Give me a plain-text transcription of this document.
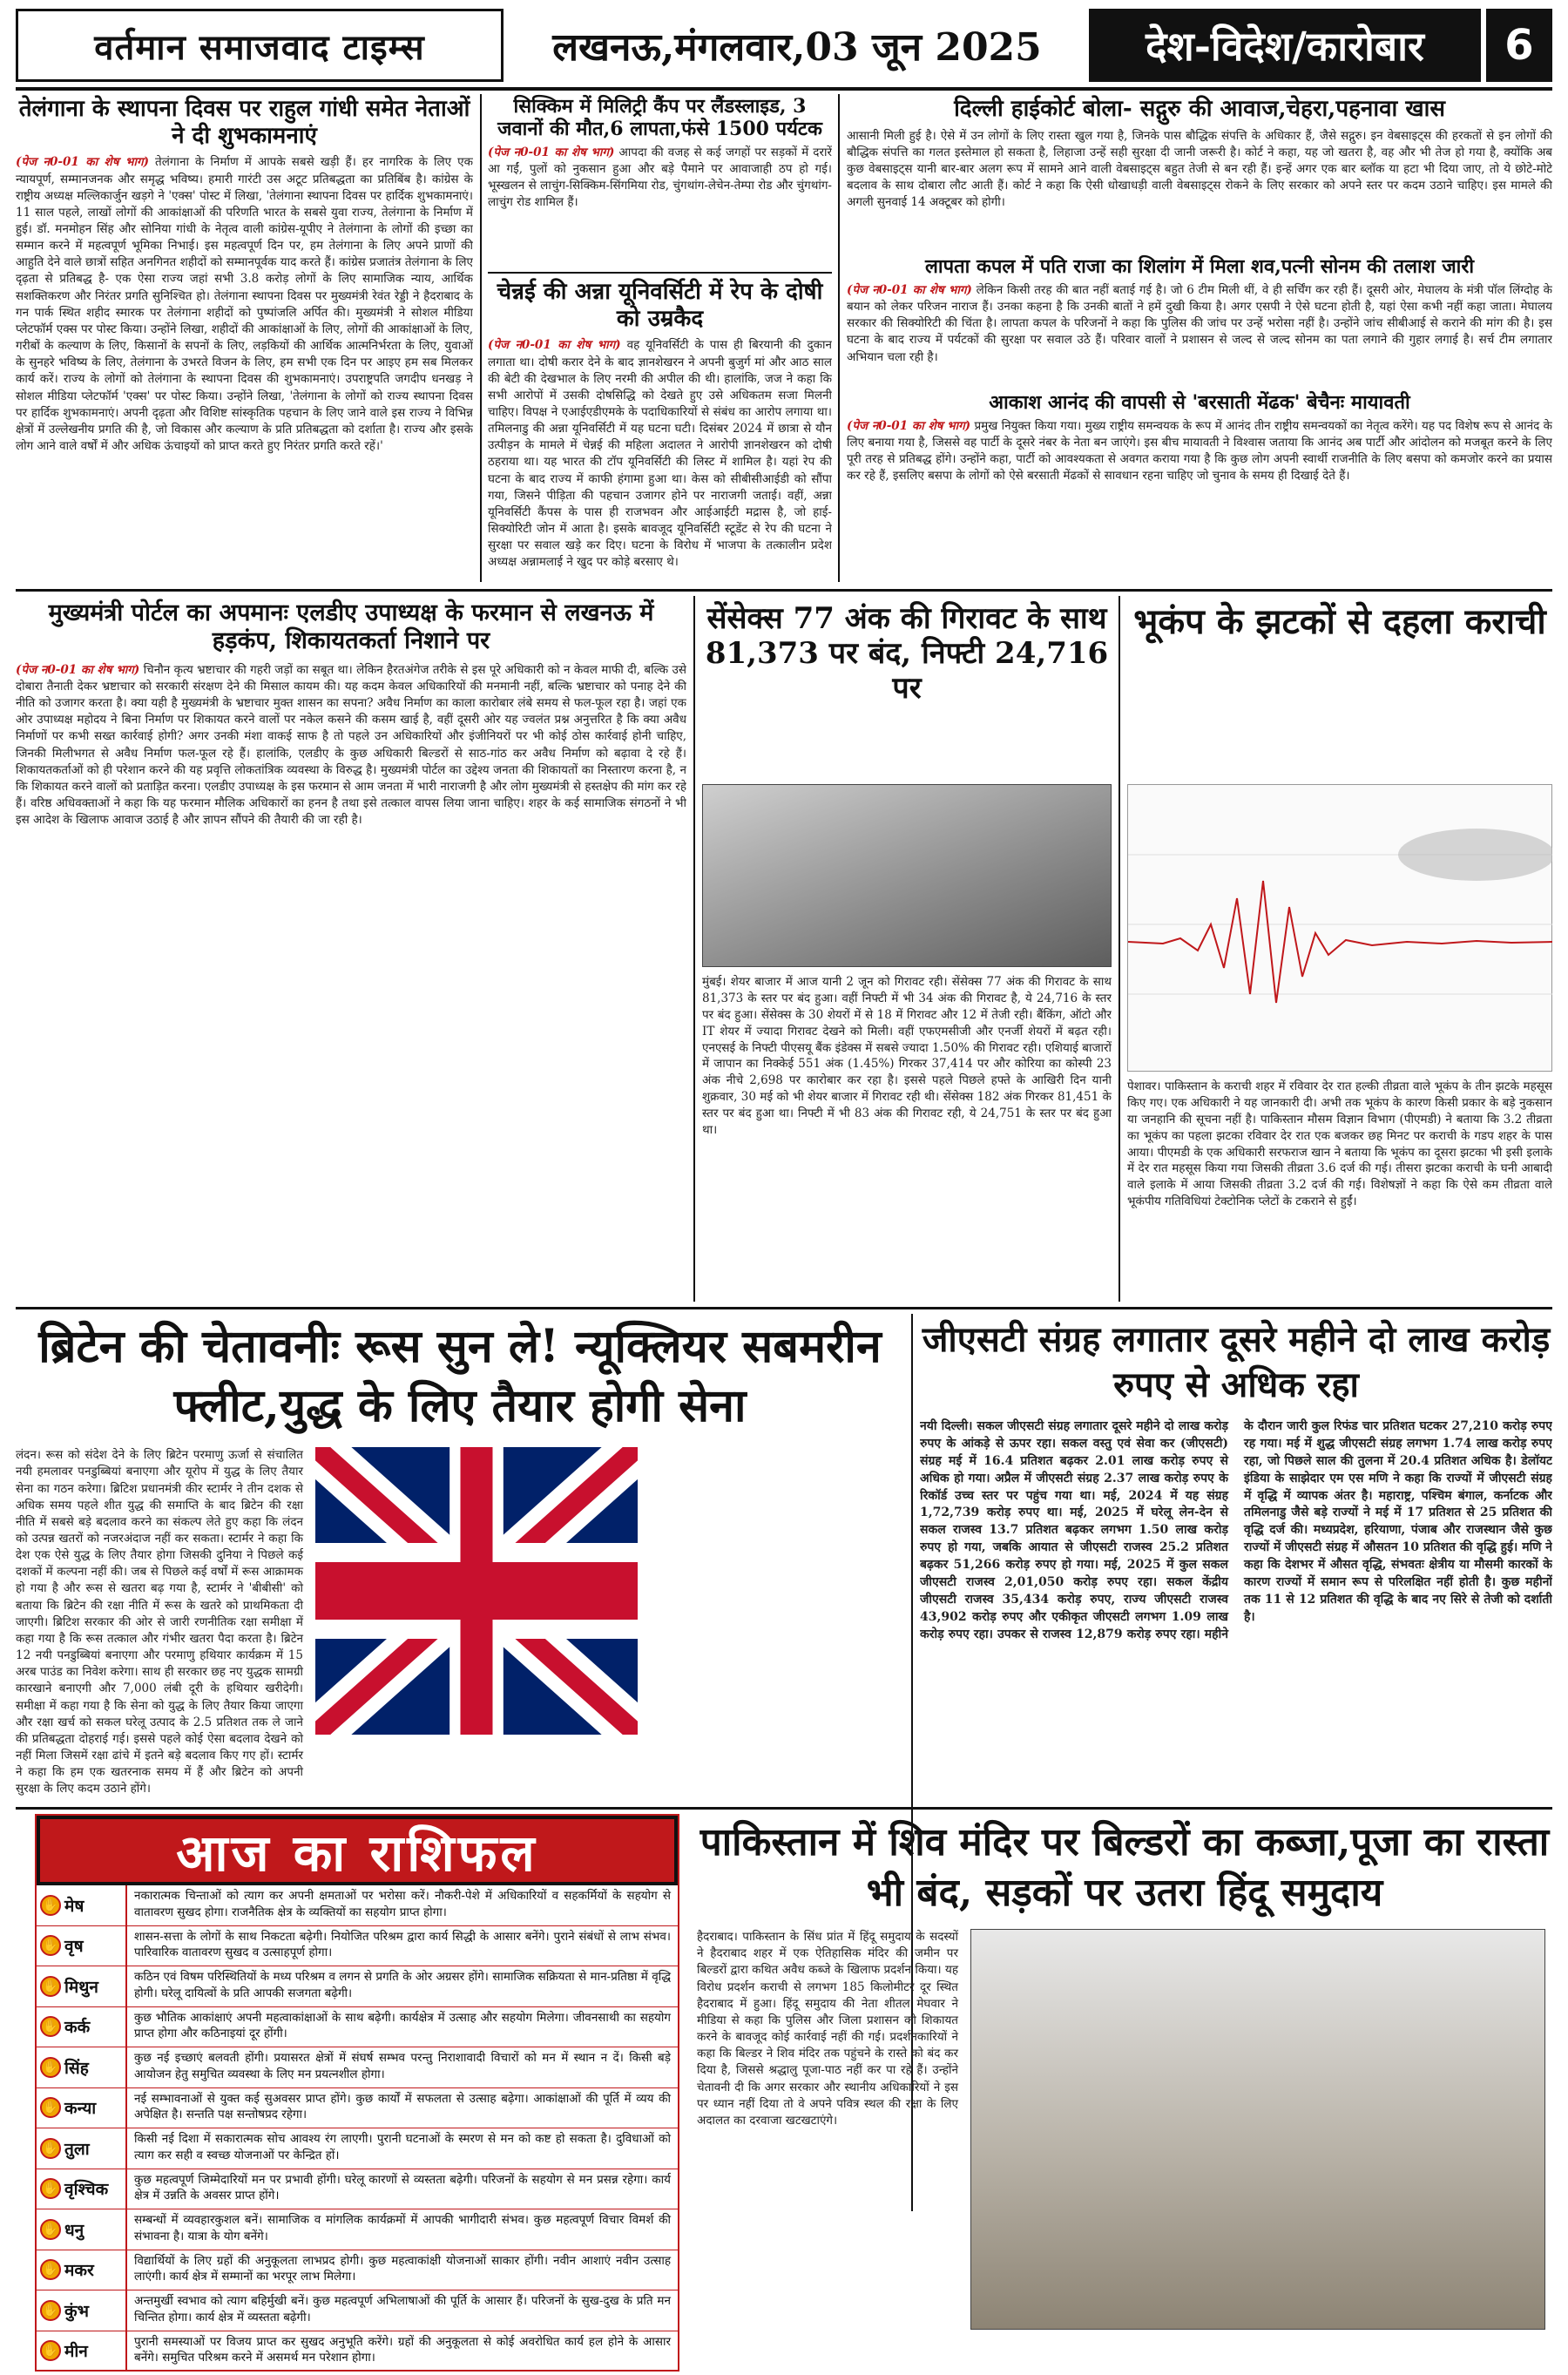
वर्तमान समाजवाद टाइम्स	लखनऊ,मंगलवार,03 जून 2025	देश-विदेश/कारोबार 6
तेलंगाना के स्थापना दिवस पर राहुल गांधी समेत नेताओं ने दी शुभकामनाएं
(पेज न0-01 का शेष भाग) तेलंगाना के निर्माण में आपके सबसे खड़ी हैं। हर नागरिक के लिए एक न्यायपूर्ण, सम्मानजनक और समृद्ध भविष्य। हमारी गारंटी उस अटूट प्रतिबद्धता का प्रतिबिंब है। कांग्रेस के राष्ट्रीय अध्यक्ष मल्लिकार्जुन खड़गे ने 'एक्स' पोस्ट में लिखा, 'तेलंगाना स्थापना दिवस पर हार्दिक शुभकामनाएं। 11 साल पहले, लाखों लोगों की आकांक्षाओं की परिणति भारत के सबसे युवा राज्य, तेलंगाना के निर्माण में हुई। डॉ. मनमोहन सिंह और सोनिया गांधी के नेतृत्व वाली कांग्रेस-यूपीए ने तेलंगाना के लोगों की इच्छा का सम्मान करने में महत्वपूर्ण भूमिका निभाई। इस महत्वपूर्ण दिन पर, हम तेलंगाना के लिए अपने प्राणों की आहुति देने वाले छात्रों सहित अनगिनत शहीदों को सम्मानपूर्वक याद करते हैं। कांग्रेस प्रजातंत्र तेलंगाना के लिए दृढ़ता से प्रतिबद्ध है- एक ऐसा राज्य जहां सभी 3.8 करोड़ लोगों के लिए सामाजिक न्याय, आर्थिक सशक्तिकरण और निरंतर प्रगति सुनिश्चित हो। तेलंगाना स्थापना दिवस पर मुख्यमंत्री रेवंत रेड्डी ने हैदराबाद के गन पार्क स्थित शहीद स्मारक पर तेलंगाना शहीदों को पुष्पांजलि अर्पित की। मुख्यमंत्री ने सोशल मीडिया प्लेटफॉर्म एक्स पर पोस्ट किया। उन्होंने लिखा, शहीदों की आकांक्षाओं के लिए, लोगों की आकांक्षाओं के लिए, गरीबों के कल्याण के लिए, किसानों के सपनों के लिए, लड़कियों की आर्थिक आत्मनिर्भरता के लिए, युवाओं के सुनहरे भविष्य के लिए, तेलंगाना के उभरते विजन के लिए, हम सभी एक दिन पर आइए हम सब मिलकर कार्य करें। राज्य के लोगों को तेलंगाना के स्थापना दिवस की शुभकामनाएं। उपराष्ट्रपति जगदीप धनखड़ ने सोशल मीडिया प्लेटफॉर्म 'एक्स' पर पोस्ट किया। उन्होंने लिखा, 'तेलंगाना के लोगों को राज्य स्थापना दिवस पर हार्दिक शुभकामनाएं। अपनी दृढ़ता और विशिष्ट सांस्कृतिक पहचान के लिए जाने वाले इस राज्य ने विभिन्न क्षेत्रों में उल्लेखनीय प्रगति की है, जो विकास और कल्याण के प्रति प्रतिबद्धता को दर्शाता है। राज्य और इसके लोग आने वाले वर्षों में और अधिक ऊंचाइयों को प्राप्त करते हुए निरंतर प्रगति करते रहें।'
सिक्किम में मिलिट्री कैंप पर लैंडस्लाइड, 3 जवानों की मौत,6 लापता,फंसे 1500 पर्यटक
(पेज न0-01 का शेष भाग) आपदा की वजह से कई जगहों पर सड़कों में दरारें आ गईं, पुलों को नुकसान हुआ और बड़े पैमाने पर आवाजाही ठप हो गई। भूस्खलन से लाचुंग-सिक्किम-सिंगमिया रोड, चुंगथांग-लेचेन-तेम्पा रोड और चुंगथांग-लाचुंग रोड शामिल हैं।
चेन्नई की अन्ना यूनिवर्सिटी में रेप के दोषी को उम्रकैद
(पेज न0-01 का शेष भाग) वह यूनिवर्सिटी के पास ही बिरयानी की दुकान लगाता था। दोषी करार देने के बाद ज्ञानशेखरन ने अपनी बुजुर्ग मां और आठ साल की बेटी की देखभाल के लिए नरमी की अपील की थी। हालांकि, जज ने कहा कि सभी आरोपों में उसकी दोषसिद्धि को देखते हुए उसे अधिकतम सजा मिलनी चाहिए। विपक्ष ने एआईएडीएमके के पदाधिकारियों से संबंध का आरोप लगाया था। तमिलनाडु की अन्ना यूनिवर्सिटी में यह घटना घटी। दिसंबर 2024 में छात्रा से यौन उत्पीड़न के मामले में चेन्नई की महिला अदालत ने आरोपी ज्ञानशेखरन को दोषी ठहराया था। यह भारत की टॉप यूनिवर्सिटी की लिस्ट में शामिल है। यहां रेप की घटना के बाद राज्य में काफी हंगामा हुआ था। केस को सीबीसीआईडी को सौंपा गया, जिसने पीड़िता की पहचान उजागर होने पर नाराजगी जताई। वहीं, अन्ना यूनिवर्सिटी कैंपस के पास ही राजभवन और आईआईटी मद्रास है, जो हाई-सिक्योरिटी जोन में आता है। इसके बावजूद यूनिवर्सिटी स्टूडेंट से रेप की घटना ने सुरक्षा पर सवाल खड़े कर दिए। घटना के विरोध में भाजपा के तत्कालीन प्रदेश अध्यक्ष अन्नामलाई ने खुद पर कोड़े बरसाए थे।
दिल्ली हाईकोर्ट बोला- सद्गुरु की आवाज,चेहरा,पहनावा खास
आसानी मिली हुई है। ऐसे में उन लोगों के लिए रास्ता खुल गया है, जिनके पास बौद्धिक संपत्ति के अधिकार हैं, जैसे सद्गुरु। इन वेबसाइट्स की हरकतों से इन लोगों की बौद्धिक संपत्ति का गलत इस्तेमाल हो सकता है, लिहाजा उन्हें सही सुरक्षा दी जानी जरूरी है। कोर्ट ने कहा, यह जो खतरा है, वह और भी तेज हो गया है, क्योंकि अब कुछ वेबसाइट्स यानी बार-बार अलग रूप में सामने आने वाली वेबसाइट्स बहुत तेजी से बन रही हैं। इन्हें अगर एक बार ब्लॉक या हटा भी दिया जाए, तो ये छोटे-मोटे बदलाव के साथ दोबारा लौट आती हैं। कोर्ट ने कहा कि ऐसी धोखाधड़ी वाली वेबसाइट्स रोकने के लिए सरकार को अपने स्तर पर कदम उठाने चाहिए। इस मामले की अगली सुनवाई 14 अक्टूबर को होगी।
लापता कपल में पति राजा का शिलांग में मिला शव,पत्नी सोनम की तलाश जारी
(पेज न0-01 का शेष भाग) लेकिन किसी तरह की बात नहीं बताई गई है। जो 6 टीम मिली थीं, वे ही सर्चिंग कर रही हैं। दूसरी ओर, मेघालय के मंत्री पॉल लिंग्दोह के बयान को लेकर परिजन नाराज हैं। उनका कहना है कि उनकी बातों ने हमें दुखी किया है। अगर एसपी ने ऐसे घटना होती है, यहां ऐसा कभी नहीं कहा जाता। मेघालय सरकार की सिक्योरिटी की चिंता है। लापता कपल के परिजनों ने कहा कि पुलिस की जांच पर उन्हें भरोसा नहीं है। उन्होंने जांच सीबीआई से कराने की मांग की है। इस घटना के बाद राज्य में पर्यटकों की सुरक्षा पर सवाल उठे हैं। परिवार वालों ने प्रशासन से जल्द से जल्द सोनम का पता लगाने की गुहार लगाई है। सर्च टीम लगातार अभियान चला रही है।
आकाश आनंद की वापसी से 'बरसाती मेंढक' बेचैनः मायावती
(पेज न0-01 का शेष भाग) प्रमुख नियुक्त किया गया। मुख्य राष्ट्रीय समन्वयक के रूप में आनंद तीन राष्ट्रीय समन्वयकों का नेतृत्व करेंगे। यह पद विशेष रूप से आनंद के लिए बनाया गया है, जिससे वह पार्टी के दूसरे नंबर के नेता बन जाएंगे। इस बीच मायावती ने विश्वास जताया कि आनंद अब पार्टी और आंदोलन को मजबूत करने के लिए पूरी तरह से प्रतिबद्ध होंगे। उन्होंने कहा, पार्टी को आवश्यकता से अवगत कराया गया है कि कुछ लोग अपनी स्वार्थी राजनीति के लिए बसपा को कमजोर करने का प्रयास कर रहे हैं, इसलिए बसपा के लोगों को ऐसे बरसाती मेंढकों से सावधान रहना चाहिए जो चुनाव के समय ही दिखाई देते हैं।
मुख्यमंत्री पोर्टल का अपमानः एलडीए उपाध्यक्ष के फरमान से लखनऊ में हड़कंप, शिकायतकर्ता निशाने पर
(पेज न0-01 का शेष भाग) चिनौन कृत्य भ्रष्टाचार की गहरी जड़ों का सबूत था। लेकिन हैरतअंगेज तरीके से इस पूरे अधिकारी को न केवल माफी दी, बल्कि उसे दोबारा तैनाती देकर भ्रष्टाचार को सरकारी संरक्षण देने की मिसाल कायम की। यह कदम केवल अधिकारियों की मनमानी नहीं, बल्कि भ्रष्टाचार को पनाह देने की नीति को उजागर करता है। क्या यही है मुख्यमंत्री के भ्रष्टाचार मुक्त शासन का सपना? अवैध निर्माण का काला कारोबार लंबे समय से फल-फूल रहा है। जहां एक ओर उपाध्यक्ष महोदय ने बिना निर्माण पर शिकायत करने वालों पर नकेल कसने की कसम खाई है, वहीं दूसरी ओर यह ज्वलंत प्रश्न अनुत्तरित है कि क्या अवैध निर्माणों पर कभी सख्त कार्रवाई होगी? अगर उनकी मंशा वाकई साफ है तो पहले उन अधिकारियों और इंजीनियरों पर भी कोई ठोस कार्रवाई होनी चाहिए, जिनकी मिलीभगत से अवैध निर्माण फल-फूल रहे हैं। हालांकि, एलडीए के कुछ अधिकारी बिल्डरों से साठ-गांठ कर अवैध निर्माण को बढ़ावा दे रहे हैं। शिकायतकर्ताओं को ही परेशान करने की यह प्रवृत्ति लोकतांत्रिक व्यवस्था के विरुद्ध है। मुख्यमंत्री पोर्टल का उद्देश्य जनता की शिकायतों का निस्तारण करना है, न कि शिकायत करने वालों को प्रताड़ित करना। एलडीए उपाध्यक्ष के इस फरमान से आम जनता में भारी नाराजगी है और लोग मुख्यमंत्री से हस्तक्षेप की मांग कर रहे हैं। वरिष्ठ अधिवक्ताओं ने कहा कि यह फरमान मौलिक अधिकारों का हनन है तथा इसे तत्काल वापस लिया जाना चाहिए। शहर के कई सामाजिक संगठनों ने भी इस आदेश के खिलाफ आवाज उठाई है और ज्ञापन सौंपने की तैयारी की जा रही है।
सेंसेक्स 77 अंक की गिरावट के साथ 81,373 पर बंद, निफ्टी 24,716 पर
मुंबई। शेयर बाजार में आज यानी 2 जून को गिरावट रही। सेंसेक्स 77 अंक की गिरावट के साथ 81,373 के स्तर पर बंद हुआ। वहीं निफ्टी में भी 34 अंक की गिरावट है, ये 24,716 के स्तर पर बंद हुआ। सेंसेक्स के 30 शेयरों में से 18 में गिरावट और 12 में तेजी रही। बैंकिंग, ऑटो और IT शेयर में ज्यादा गिरावट देखने को मिली। वहीं एफएमसीजी और एनर्जी शेयरों में बढ़त रही। एनएसई के निफ्टी पीएसयू बैंक इंडेक्स में सबसे ज्यादा 1.50% की गिरावट रही। एशियाई बाजारों में जापान का निक्केई 551 अंक (1.45%) गिरकर 37,414 पर और कोरिया का कोस्पी 23 अंक नीचे 2,698 पर कारोबार कर रहा है। इससे पहले पिछले हफ्ते के आखिरी दिन यानी शुक्रवार, 30 मई को भी शेयर बाजार में गिरावट रही थी। सेंसेक्स 182 अंक गिरकर 81,451 के स्तर पर बंद हुआ था। निफ्टी में भी 83 अंक की गिरावट रही, ये 24,751 के स्तर पर बंद हुआ था।
भूकंप के झटकों से दहला कराची
पेशावर। पाकिस्तान के कराची शहर में रविवार देर रात हल्की तीव्रता वाले भूकंप के तीन झटके महसूस किए गए। एक अधिकारी ने यह जानकारी दी। अभी तक भूकंप के कारण किसी प्रकार के बड़े नुकसान या जनहानि की सूचना नहीं है। पाकिस्तान मौसम विज्ञान विभाग (पीएमडी) ने बताया कि 3.2 तीव्रता का भूकंप का पहला झटका रविवार देर रात एक बजकर छह मिनट पर कराची के गडप शहर के पास आया। पीएमडी के एक अधिकारी सरफराज खान ने बताया कि भूकंप का दूसरा झटका भी इसी इलाके में देर रात महसूस किया गया जिसकी तीव्रता 3.6 दर्ज की गई। तीसरा झटका कराची के घनी आबादी वाले इलाके में आया जिसकी तीव्रता 3.2 दर्ज की गई। विशेषज्ञों ने कहा कि ऐसे कम तीव्रता वाले भूकंपीय गतिविधियां टेक्टोनिक प्लेटों के टकराने से हुईं।
ब्रिटेन की चेतावनीः रूस सुन ले! न्यूक्लियर सबमरीन फ्लीट,युद्ध के लिए तैयार होगी सेना
लंदन। रूस को संदेश देने के लिए ब्रिटेन परमाणु ऊर्जा से संचालित नयी हमलावर पनडुब्बियां बनाएगा और यूरोप में युद्ध के लिए तैयार सेना का गठन करेगा। ब्रिटिश प्रधानमंत्री कीर स्टार्मर ने तीन दशक से अधिक समय पहले शीत युद्ध की समाप्ति के बाद ब्रिटेन की रक्षा नीति में सबसे बड़े बदलाव करने का संकल्प लेते हुए कहा कि लंदन को उत्पन्न खतरों को नजरअंदाज नहीं कर सकता। स्टार्मर ने कहा कि देश एक ऐसे युद्ध के लिए तैयार होगा जिसकी दुनिया ने पिछले कई दशकों में कल्पना नहीं की। जब से पिछले कई वर्षों में रूस आक्रामक हो गया है और रूस से खतरा बढ़ गया है, स्टार्मर ने 'बीबीसी' को बताया कि ब्रिटेन की रक्षा नीति में रूस के खतरे को प्राथमिकता दी जाएगी। ब्रिटिश सरकार की ओर से जारी रणनीतिक रक्षा समीक्षा में कहा गया है कि रूस तत्काल और गंभीर खतरा पैदा करता है। ब्रिटेन 12 नयी पनडुब्बियां बनाएगा और परमाणु हथियार कार्यक्रम में 15 अरब पाउंड का निवेश करेगा। साथ ही सरकार छह नए युद्धक सामग्री कारखाने बनाएगी और 7,000 लंबी दूरी के हथियार खरीदेगी। समीक्षा में कहा गया है कि सेना को युद्ध के लिए तैयार किया जाएगा और रक्षा खर्च को सकल घरेलू उत्पाद के 2.5 प्रतिशत तक ले जाने की प्रतिबद्धता दोहराई गई। इससे पहले कोई ऐसा बदलाव देखने को नहीं मिला जिसमें रक्षा ढांचे में इतने बड़े बदलाव किए गए हों। स्टार्मर ने कहा कि हम एक खतरनाक समय में हैं और ब्रिटेन को अपनी सुरक्षा के लिए कदम उठाने होंगे।
जीएसटी संग्रह लगातार दूसरे महीने दो लाख करोड़ रुपए से अधिक रहा
नयी दिल्ली। सकल जीएसटी संग्रह लगातार दूसरे महीने दो लाख करोड़ रुपए के आंकड़े से ऊपर रहा। सकल वस्तु एवं सेवा कर (जीएसटी) संग्रह मई में 16.4 प्रतिशत बढ़कर 2.01 लाख करोड़ रुपए से अधिक हो गया। अप्रैल में जीएसटी संग्रह 2.37 लाख करोड़ रुपए के रिकॉर्ड उच्च स्तर पर पहुंच गया था। मई, 2024 में यह संग्रह 1,72,739 करोड़ रुपए था। मई, 2025 में घरेलू लेन-देन से सकल राजस्व 13.7 प्रतिशत बढ़कर लगभग 1.50 लाख करोड़ रुपए हो गया, जबकि आयात से जीएसटी राजस्व 25.2 प्रतिशत बढ़कर 51,266 करोड़ रुपए हो गया। मई, 2025 में कुल सकल जीएसटी राजस्व 2,01,050 करोड़ रुपए रहा। सकल केंद्रीय जीएसटी राजस्व 35,434 करोड़ रुपए, राज्य जीएसटी राजस्व 43,902 करोड़ रुपए और एकीकृत जीएसटी लगभग 1.09 लाख करोड़ रुपए रहा। उपकर से राजस्व 12,879 करोड़ रुपए रहा। महीने के दौरान जारी कुल रिफंड चार प्रतिशत घटकर 27,210 करोड़ रुपए रह गया। मई में शुद्ध जीएसटी संग्रह लगभग 1.74 लाख करोड़ रुपए रहा, जो पिछले साल की तुलना में 20.4 प्रतिशत अधिक है। डेलॉयट इंडिया के साझेदार एम एस मणि ने कहा कि राज्यों में जीएसटी संग्रह में वृद्धि में व्यापक अंतर है। महाराष्ट्र, पश्चिम बंगाल, कर्नाटक और तमिलनाडु जैसे बड़े राज्यों ने मई में 17 प्रतिशत से 25 प्रतिशत की वृद्धि दर्ज की। मध्यप्रदेश, हरियाणा, पंजाब और राजस्थान जैसे कुछ राज्यों में जीएसटी संग्रह में औसतन 10 प्रतिशत की वृद्धि हुई। मणि ने कहा कि देशभर में औसत वृद्धि, संभवतः क्षेत्रीय या मौसमी कारकों के कारण राज्यों में समान रूप से परिलक्षित नहीं होती है। कुछ महीनों तक 11 से 12 प्रतिशत की वृद्धि के बाद नए सिरे से तेजी को दर्शाती है।
आज का राशिफल
✋ मेष
नकारात्मक चिन्ताओं को त्याग कर अपनी क्षमताओं पर भरोसा करें। नौकरी-पेशे में अधिकारियों व सहकर्मियों के सहयोग से वातावरण सुखद होगा। राजनैतिक क्षेत्र के व्यक्तियों का सहयोग प्राप्त होगा।
✋ वृष
शासन-सत्ता के लोगों के साथ निकटता बढ़ेगी। नियोजित परिश्रम द्वारा कार्य सिद्धी के आसार बनेंगे। पुराने संबंधों से लाभ संभव। पारिवारिक वातावरण सुखद व उत्साहपूर्ण होगा।
✋ मिथुन
कठिन एवं विषम परिस्थितियों के मध्य परिश्रम व लगन से प्रगति के ओर अग्रसर होंगे। सामाजिक सक्रियता से मान-प्रतिष्ठा में वृद्धि होगी। घरेलू दायित्वों के प्रति आपकी सजगता बढ़ेगी।
✋ कर्क
कुछ भौतिक आकांक्षाएं अपनी महत्वाकांक्षाओं के साथ बढ़ेगी। कार्यक्षेत्र में उत्साह और सहयोग मिलेगा। जीवनसाथी का सहयोग प्राप्त होगा और कठिनाइयां दूर होंगी।
✋ सिंह
कुछ नई इच्छाएं बलवती होंगी। प्रयासरत क्षेत्रों में संघर्ष सम्भव परन्तु निराशावादी विचारों को मन में स्थान न दें। किसी बड़े आयोजन हेतु समुचित व्यवस्था के लिए मन प्रयत्नशील होगा।
✋ कन्या
नई सम्भावनाओं से युक्त कई सुअवसर प्राप्त होंगे। कुछ कार्यों में सफलता से उत्साह बढ़ेगा। आकांक्षाओं की पूर्ति में व्यय की अपेक्षित है। सन्तति पक्ष सन्तोषप्रद रहेगा।
✋ तुला
किसी नई दिशा में सकारात्मक सोच आवश्य रंग लाएगी। पुरानी घटनाओं के स्मरण से मन को कष्ट हो सकता है। दुविधाओं को त्याग कर सही व स्वच्छ योजनाओं पर केन्द्रित हों।
✋ वृश्चिक
कुछ महत्वपूर्ण जिम्मेदारियों मन पर प्रभावी होंगी। घरेलू कारणों से व्यस्तता बढ़ेगी। परिजनों के सहयोग से मन प्रसन्न रहेगा। कार्य क्षेत्र में उन्नति के अवसर प्राप्त होंगे।
✋ धनु
सम्बन्धों में व्यवहारकुशल बनें। सामाजिक व मांगलिक कार्यक्रमों में आपकी भागीदारी संभव। कुछ महत्वपूर्ण विचार विमर्श की संभावना है। यात्रा के योग बनेंगे।
✋ मकर
विद्यार्थियों के लिए ग्रहों की अनुकूलता लाभप्रद होगी। कुछ महत्वाकांक्षी योजनाओं साकार होंगी। नवीन आशाएं नवीन उत्साह लाएंगी। कार्य क्षेत्र में सम्मानों का भरपूर लाभ मिलेगा।
✋ कुंभ
अन्तमुर्खी स्वभाव को त्याग बहिर्मुखी बनें। कुछ महत्वपूर्ण अभिलाषाओं की पूर्ति के आसार हैं। परिजनों के सुख-दुख के प्रति मन चिन्तित होगा। कार्य क्षेत्र में व्यस्तता बढ़ेगी।
✋ मीन
पुरानी समस्याओं पर विजय प्राप्त कर सुखद अनुभूति करेंगे। ग्रहों की अनुकूलता से कोई अवरोधित कार्य हल होने के आसार बनेंगे। समुचित परिश्रम करने में असमर्थ मन परेशान होगा।
पाकिस्तान में शिव मंदिर पर बिल्डरों का कब्जा,पूजा का रास्ता भी बंद, सड़कों पर उतरा हिंदू समुदाय
हैदराबाद। पाकिस्तान के सिंध प्रांत में हिंदू समुदाय के सदस्यों ने हैदराबाद शहर में एक ऐतिहासिक मंदिर की जमीन पर बिल्डरों द्वारा कथित अवैध कब्जे के खिलाफ प्रदर्शन किया। यह विरोध प्रदर्शन कराची से लगभग 185 किलोमीटर दूर स्थित हैदराबाद में हुआ। हिंदू समुदाय की नेता शीतल मेघवार ने मीडिया से कहा कि पुलिस और जिला प्रशासन को शिकायत करने के बावजूद कोई कार्रवाई नहीं की गई। प्रदर्शनकारियों ने कहा कि बिल्डर ने शिव मंदिर तक पहुंचने के रास्ते को बंद कर दिया है, जिससे श्रद्धालु पूजा-पाठ नहीं कर पा रहे हैं। उन्होंने चेतावनी दी कि अगर सरकार और स्थानीय अधिकारियों ने इस पर ध्यान नहीं दिया तो वे अपने पवित्र स्थल की रक्षा के लिए अदालत का दरवाजा खटखटाएंगे।
